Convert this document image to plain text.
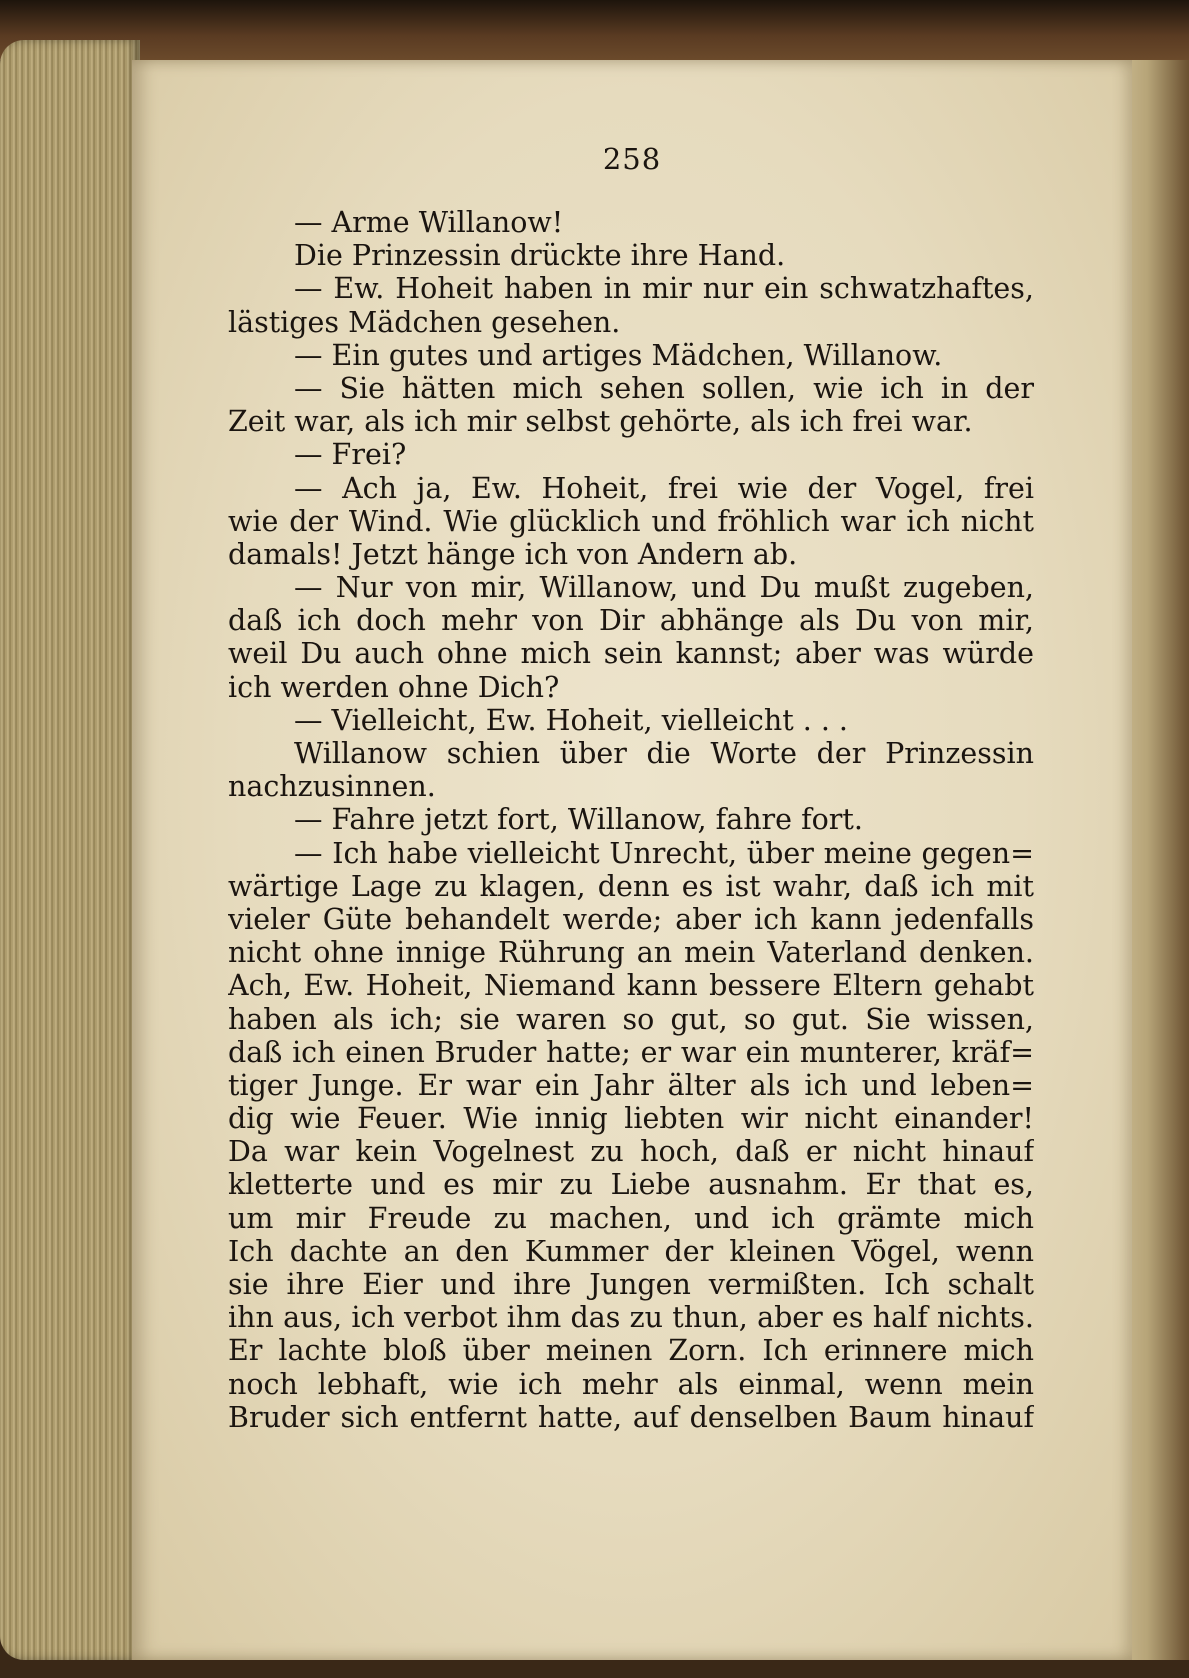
258
— Arme Willanow!
Die Prinzessin drückte ihre Hand.
— Ew. Hoheit haben in mir nur ein schwatzhaftes,
lästiges Mädchen gesehen.
— Ein gutes und artiges Mädchen, Willanow.
— Sie hätten mich sehen sollen, wie ich in der
Zeit war, als ich mir selbst gehörte, als ich frei war.
— Frei?
— Ach ja, Ew. Hoheit, frei wie der Vogel, frei
wie der Wind. Wie glücklich und fröhlich war ich nicht
damals! Jetzt hänge ich von Andern ab.
— Nur von mir, Willanow, und Du mußt zugeben,
daß ich doch mehr von Dir abhänge als Du von mir,
weil Du auch ohne mich sein kannst; aber was würde
ich werden ohne Dich?
— Vielleicht, Ew. Hoheit, vielleicht . . .
Willanow schien über die Worte der Prinzessin
nachzusinnen.
— Fahre jetzt fort, Willanow, fahre fort.
— Ich habe vielleicht Unrecht, über meine gegen=
wärtige Lage zu klagen, denn es ist wahr, daß ich mit
vieler Güte behandelt werde; aber ich kann jedenfalls
nicht ohne innige Rührung an mein Vaterland denken.
Ach, Ew. Hoheit, Niemand kann bessere Eltern gehabt
haben als ich; sie waren so gut, so gut. Sie wissen,
daß ich einen Bruder hatte; er war ein munterer, kräf=
tiger Junge. Er war ein Jahr älter als ich und leben=
dig wie Feuer. Wie innig liebten wir nicht einander!
Da war kein Vogelnest zu hoch, daß er nicht hinauf
kletterte und es mir zu Liebe ausnahm. Er that es,
um mir Freude zu machen, und ich grämte mich
Ich dachte an den Kummer der kleinen Vögel, wenn
sie ihre Eier und ihre Jungen vermißten. Ich schalt
ihn aus, ich verbot ihm das zu thun, aber es half nichts.
Er lachte bloß über meinen Zorn. Ich erinnere mich
noch lebhaft, wie ich mehr als einmal, wenn mein
Bruder sich entfernt hatte, auf denselben Baum hinauf
